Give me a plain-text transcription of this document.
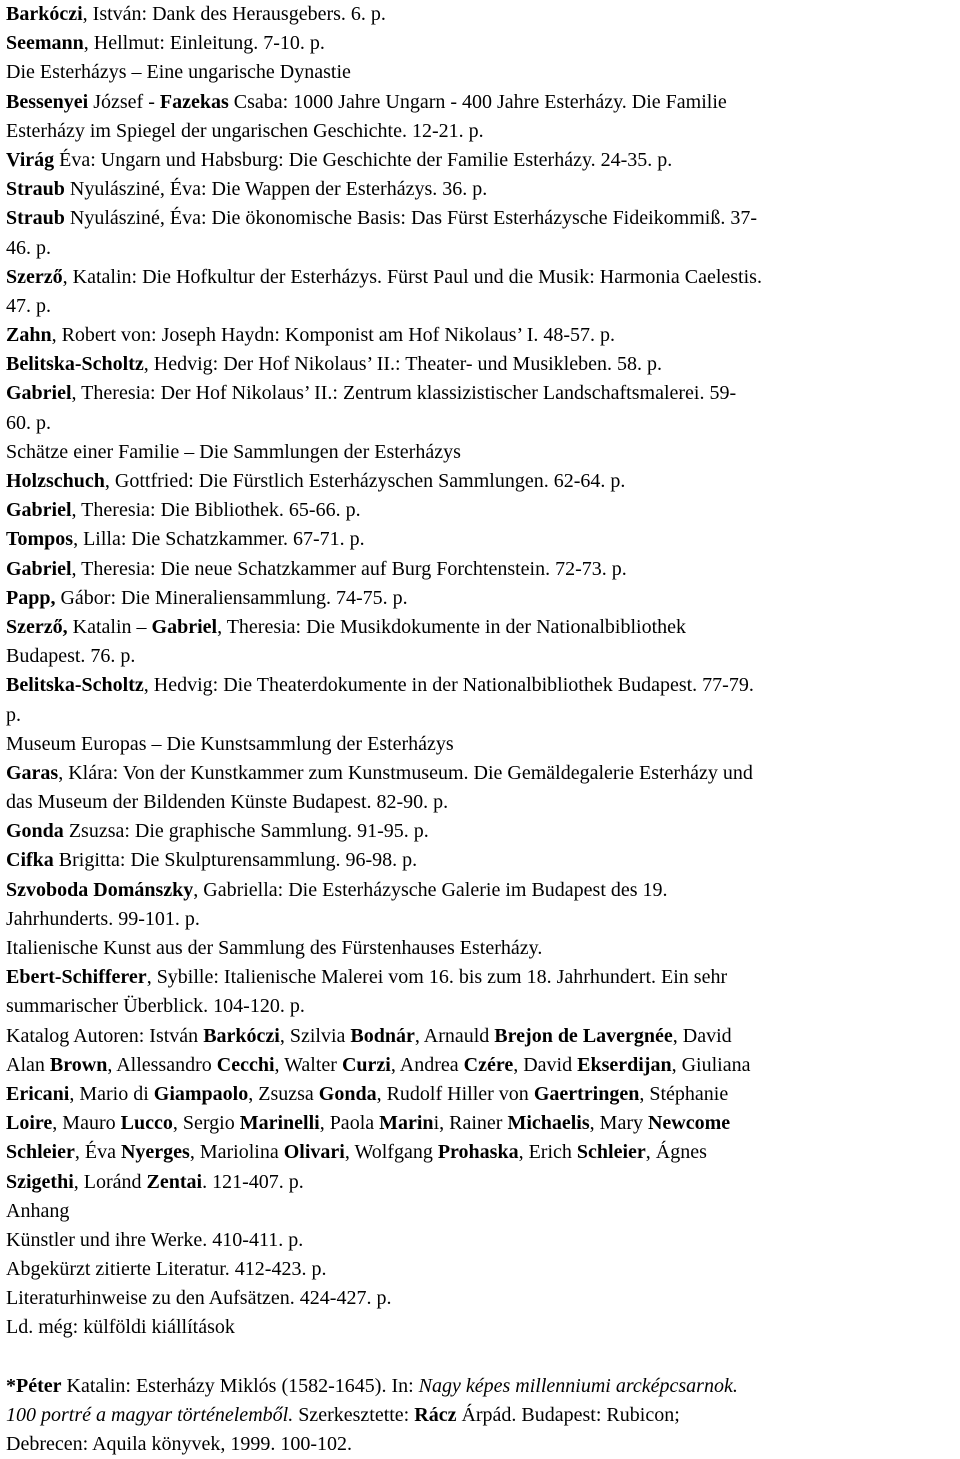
Barkóczi, István: Dank des Herausgebers. 6. p.
Seemann, Hellmut: Einleitung. 7-10. p.
Die Esterházys – Eine ungarische Dynastie
Bessenyei József - Fazekas Csaba: 1000 Jahre Ungarn - 400 Jahre Esterházy. Die Familie
Esterházy im Spiegel der ungarischen Geschichte. 12-21. p.
Virág Éva: Ungarn und Habsburg: Die Geschichte der Familie Esterházy. 24-35. p.
Straub Nyulásziné, Éva: Die Wappen der Esterházys. 36. p.
Straub Nyulásziné, Éva: Die ökonomische Basis: Das Fürst Esterházysche Fideikommiß. 37-
46. p.
Szerző, Katalin: Die Hofkultur der Esterházys. Fürst Paul und die Musik: Harmonia Caelestis.
47. p.
Zahn, Robert von: Joseph Haydn: Komponist am Hof Nikolaus’ I. 48-57. p.
Belitska-Scholtz, Hedvig: Der Hof Nikolaus’ II.: Theater- und Musikleben. 58. p.
Gabriel, Theresia: Der Hof Nikolaus’ II.: Zentrum klassizistischer Landschaftsmalerei. 59-
60. p.
Schätze einer Familie – Die Sammlungen der Esterházys
Holzschuch, Gottfried: Die Fürstlich Esterházyschen Sammlungen. 62-64. p.
Gabriel, Theresia: Die Bibliothek. 65-66. p.
Tompos, Lilla: Die Schatzkammer. 67-71. p.
Gabriel, Theresia: Die neue Schatzkammer auf Burg Forchtenstein. 72-73. p.
Papp, Gábor: Die Mineraliensammlung. 74-75. p.
Szerző, Katalin – Gabriel, Theresia: Die Musikdokumente in der Nationalbibliothek
Budapest. 76. p.
Belitska-Scholtz, Hedvig: Die Theaterdokumente in der Nationalbibliothek Budapest. 77-79.
p.
Museum Europas – Die Kunstsammlung der Esterházys
Garas, Klára: Von der Kunstkammer zum Kunstmuseum. Die Gemäldegalerie Esterházy und
das Museum der Bildenden Künste Budapest. 82-90. p.
Gonda Zsuzsa: Die graphische Sammlung. 91-95. p.
Cifka Brigitta: Die Skulpturensammlung. 96-98. p.
Szvoboda Dománszky, Gabriella: Die Esterházysche Galerie im Budapest des 19.
Jahrhunderts. 99-101. p.
Italienische Kunst aus der Sammlung des Fürstenhauses Esterházy.
Ebert-Schifferer, Sybille: Italienische Malerei vom 16. bis zum 18. Jahrhundert. Ein sehr
summarischer Überblick. 104-120. p.
Katalog Autoren: István Barkóczi, Szilvia Bodnár, Arnauld Brejon de Lavergnée, David
Alan Brown, Allessandro Cecchi, Walter Curzi, Andrea Czére, David Ekserdijan, Giuliana
Ericani, Mario di Giampaolo, Zsuzsa Gonda, Rudolf Hiller von Gaertringen, Stéphanie
Loire, Mauro Lucco, Sergio Marinelli, Paola Marini, Rainer Michaelis, Mary Newcome
Schleier, Éva Nyerges, Mariolina Olivari, Wolfgang Prohaska, Erich Schleier, Ágnes
Szigethi, Loránd Zentai. 121-407. p.
Anhang
Künstler und ihre Werke. 410-411. p.
Abgekürzt zitierte Literatur. 412-423. p.
Literaturhinweise zu den Aufsätzen. 424-427. p.
Ld. még: külföldi kiállítások
*Péter Katalin: Esterházy Miklós (1582-1645). In: Nagy képes millenniumi arcképcsarnok.
100 portré a magyar történelemből. Szerkesztette: Rácz Árpád. Budapest: Rubicon;
Debrecen: Aquila könyvek, 1999. 100-102.
